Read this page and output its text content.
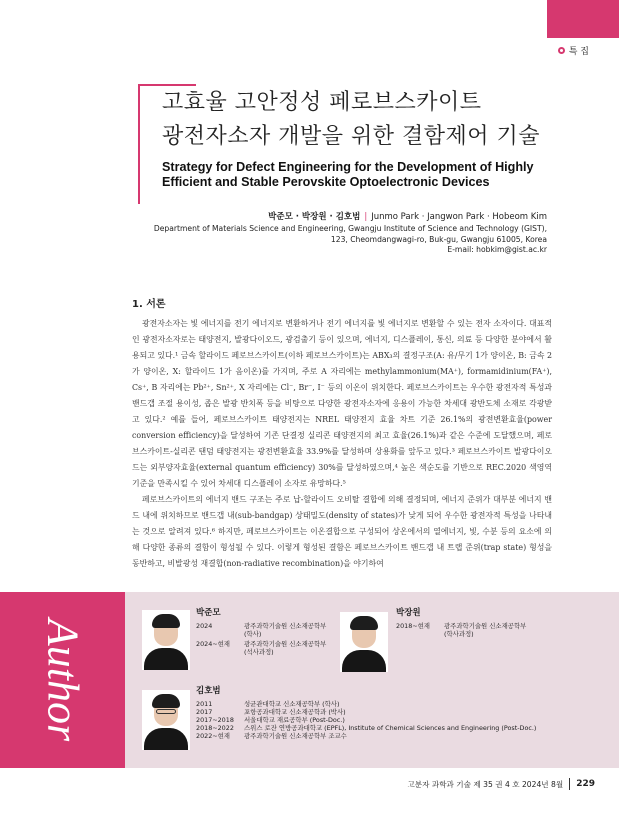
특 집
고효율 고안정성 페로브스카이트
광전자소자 개발을 위한 결함제어 기술
Strategy for Defect Engineering for the Development of Highly
Efficient and Stable Perovskite Optoelectronic Devices
박준모 · 박장원 · 김호범 | Junmo Park · Jangwon Park · Hobeom Kim
Department of Materials Science and Engineering, Gwangju Institute of Science and Technology (GIST),
123, Cheomdangwagi-ro, Buk-gu, Gwangju 61005, Korea
E-mail: hobkim@gist.ac.kr
1. 서론

광전자소자는 빛 에너지를 전기 에너지로 변환하거나 전기 에너지를 빛 에너지로 변환할 수 있는 전자 소자이다. 대표적인 광전자소자로는 태양전지, 발광다이오드, 광검출기 등이 있으며, 에너지, 디스플레이, 통신, 의료 등 다양한 분야에서 활용되고 있다.¹ 금속 할라이드 페로브스카이트(이하 페로브스카이트)는 ABX₃의 결정구조(A: 유/무기 1가 양이온, B: 금속 2가 양이온, X: 할라이드 1가 음이온)를 가지며, 주로 A 자리에는 methylammonium(MA⁺), formamidinium(FA⁺), Cs⁺, B 자리에는 Pb²⁺, Sn²⁺, X 자리에는 Cl⁻, Br⁻, I⁻ 등의 이온이 위치한다. 페로브스카이트는 우수한 광전자적 특성과 밴드갭 조절 용이성, 좁은 발광 반치폭 등을 비탕으로 다양한 광전자소자에 응용이 가능한 차세대 광반도체 소재로 각광받고 있다.² 예를 들어, 페로브스카이트 태양전지는 NREL 태양전지 효율 차트 기준 26.1%의 광전변환효율(power conversion efficiency)을 달성하여 기존 단결정 실리콘 태양전지의 최고 효율(26.1%)과 같은 수준에 도달했으며, 페로브스카이트-실리콘 탠덤 태양전지는 광전변환효율 33.9%를 달성하며 상용화를 앞두고 있다.³ 페로브스카이트 발광다이오드는 외부양자효율(external quantum efficiency) 30%를 달성하였으며,⁴ 높은 색순도를 기반으로 REC.2020 색영역 기준을 만족시킬 수 있어 차세대 디스플레이 소자로 유망하다.⁵

페로브스카이트의 에너지 밴드 구조는 주로 납-할라이드 오비탈 결합에 의해 결정되며, 에너지 준위가 대부분 에너지 밴드 내에 위치하므로 밴드갭 내(sub-bandgap) 상태밀도(density of states)가 낮게 되어 우수한 광전자적 특성을 나타내는 것으로 알려져 있다.⁶ 하지만, 페로브스카이트는 이온결합으로 구성되어 상온에서의 열에너지, 빛, 수분 등의 요소에 의해 다양한 종류의 결함이 형성될 수 있다. 이렇게 형성된 결함은 페로브스카이트 밴드갭 내 트랩 준위(trap state) 형성을 동반하고, 비발광성 재결합(non-radiative recombination)을 야기하여

Author
박준모
2024	광주과학기술원 신소재공학부
(학사)
2024~현재 광주과학기술원 신소재공학부
(석사과정)
박장원
2018~현재 광주과학기술원 신소재공학부
(학사과정)
김호범
2011	성균관대학교 신소재공학부 (학사)
2017	포항공과대학교 신소재공학과 (박사)
2017~2018 서울대학교 재료공학부 (Post-Doc.)
2018~2022 스위스 로잔 연방공과대학교 (EPFL), Institute of Chemical Sciences and Engineering (Post-Doc.)
2022~현재 광주과학기술원 신소재공학부 조교수
고분자 과학과 기술 제 35 권 4 호 2024년 8월 229
